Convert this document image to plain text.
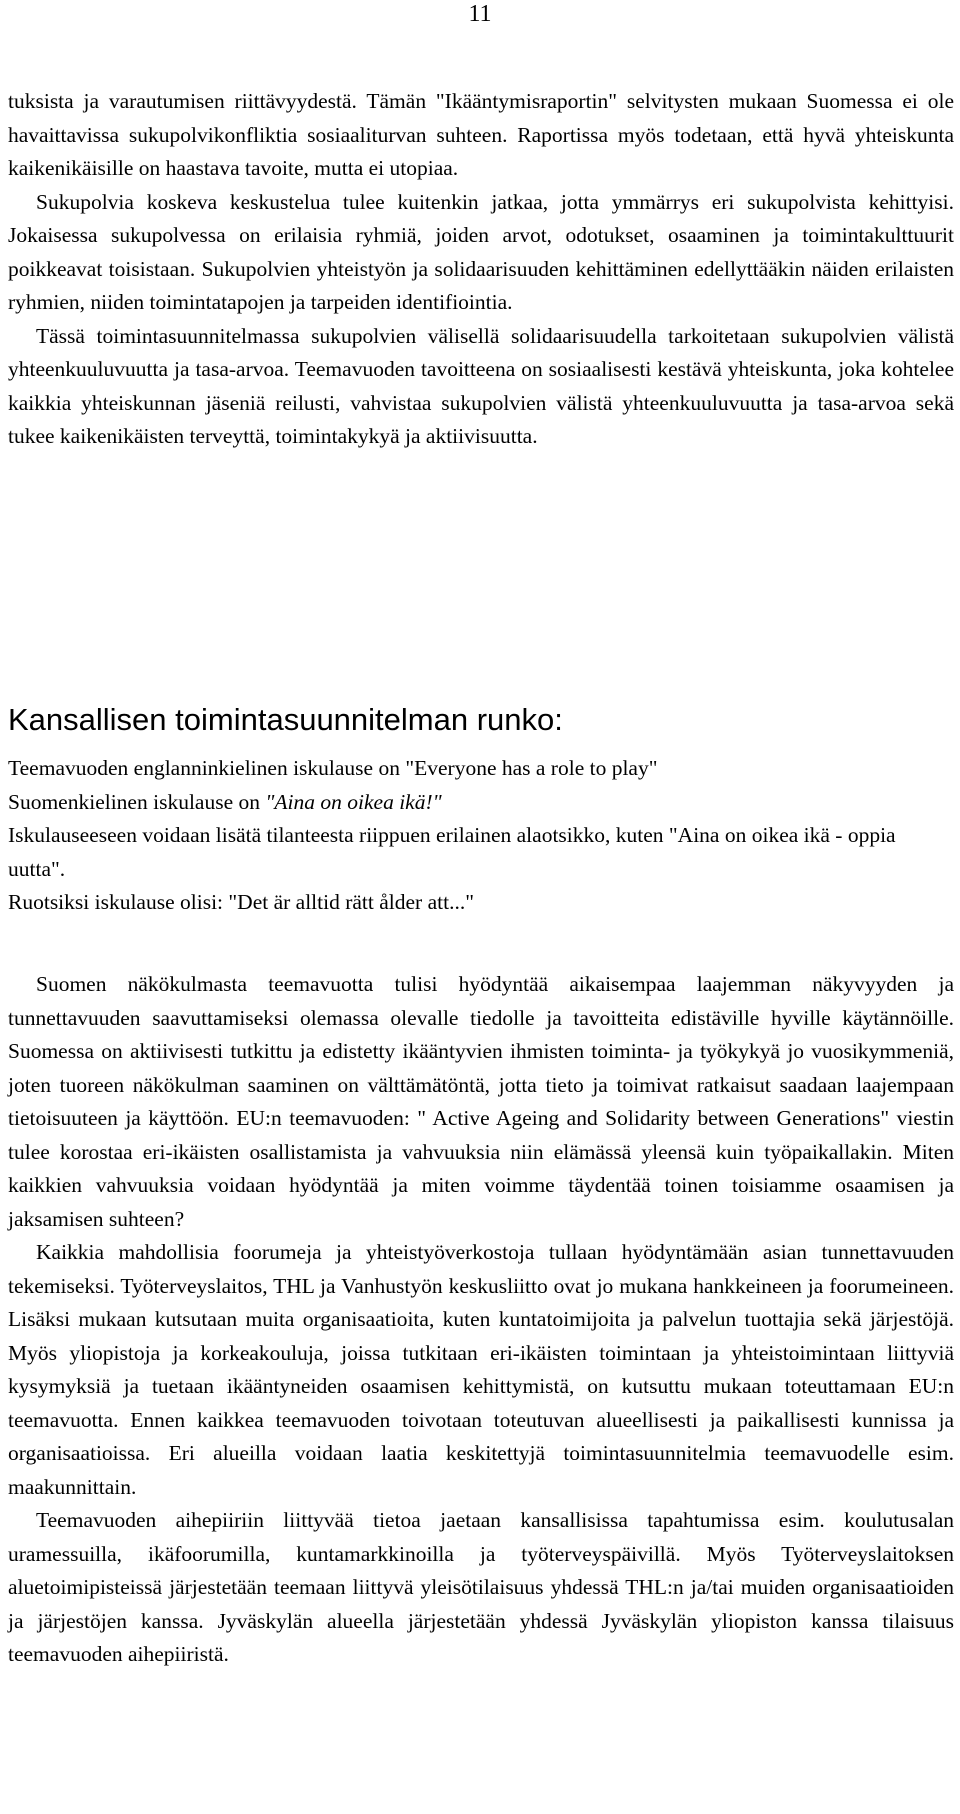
11

tuksista ja varautumisen riittävyydestä. Tämän "Ikääntymisraportin" selvitysten mukaan Suomessa ei ole havaittavissa sukupolvikonfliktia sosiaaliturvan suhteen. Raportissa myös todetaan, että hyvä yhteiskunta kaikenikäisille on haastava tavoite, mutta ei utopiaa.

Sukupolvia koskeva keskustelua tulee kuitenkin jatkaa, jotta ymmärrys eri sukupolvista kehittyisi. Jokaisessa sukupolvessa on erilaisia ryhmiä, joiden arvot, odotukset, osaaminen ja toimintakulttuurit poikkeavat toisistaan. Sukupolvien yhteistyön ja solidaarisuuden kehittäminen edellyttääkin näiden erilaisten ryhmien, niiden toimintatapojen ja tarpeiden identifiointia.

Tässä toimintasuunnitelmassa sukupolvien välisellä solidaarisuudella tarkoitetaan sukupolvien välistä yhteenkuuluvuutta ja tasa-arvoa. Teemavuoden tavoitteena on sosiaalisesti kestävä yhteiskunta, joka kohtelee kaikkia yhteiskunnan jäseniä reilusti, vahvistaa sukupolvien välistä yhteenkuuluvuutta ja tasa-arvoa sekä tukee kaikenikäisten terveyttä, toimintakykyä ja aktiivisuutta.

Kansallisen toimintasuunnitelman runko:

Teemavuoden englanninkielinen iskulause on "Everyone has a role to play"

Suomenkielinen iskulause on "Aina on oikea ikä!"

Iskulauseeseen voidaan lisätä tilanteesta riippuen erilainen alaotsikko, kuten "Aina on oikea ikä - oppia uutta".

Ruotsiksi iskulause olisi: "Det är alltid rätt ålder att..."

Suomen näkökulmasta teemavuotta tulisi hyödyntää aikaisempaa laajemman näkyvyyden ja tunnettavuuden saavuttamiseksi olemassa olevalle tiedolle ja tavoitteita edistäville hyville käytännöille. Suomessa on aktiivisesti tutkittu ja edistetty ikääntyvien ihmisten toiminta- ja työkykyä jo vuosikymmeniä, joten tuoreen näkökulman saaminen on välttämätöntä, jotta tieto ja toimivat ratkaisut saadaan laajempaan tietoisuuteen ja käyttöön. EU:n teemavuoden: " Active Ageing and Solidarity between Generations" viestin tulee korostaa eri-ikäisten osallistamista ja vahvuuksia niin elämässä yleensä kuin työpaikallakin. Miten kaikkien vahvuuksia voidaan hyödyntää ja miten voimme täydentää toinen toisiamme osaamisen ja jaksamisen suhteen?

Kaikkia mahdollisia foorumeja ja yhteistyöverkostoja tullaan hyödyntämään asian tunnettavuuden tekemiseksi. Työterveyslaitos, THL ja Vanhustyön keskusliitto ovat jo mukana hankkeineen ja foorumeineen. Lisäksi mukaan kutsutaan muita organisaatioita, kuten kuntatoimijoita ja palvelun tuottajia sekä järjestöjä. Myös yliopistoja ja korkeakouluja, joissa tutkitaan eri-ikäisten toimintaan ja yhteistoimintaan liittyviä kysymyksiä ja tuetaan ikääntyneiden osaamisen kehittymistä, on kutsuttu mukaan toteuttamaan EU:n teemavuotta. Ennen kaikkea teemavuoden toivotaan toteutuvan alueellisesti ja paikallisesti kunnissa ja organisaatioissa. Eri alueilla voidaan laatia keskitettyjä toimintasuunnitelmia teemavuodelle esim. maakunnittain.

Teemavuoden aihepiiriin liittyvää tietoa jaetaan kansallisissa tapahtumissa esim. koulutusalan uramessuilla, ikäfoorumilla, kuntamarkkinoilla ja työterveyspäivillä. Myös Työterveyslaitoksen aluetoimipisteissä järjestetään teemaan liittyvä yleisötilaisuus yhdessä THL:n ja/tai muiden organisaatioiden ja järjestöjen kanssa. Jyväskylän alueella järjestetään yhdessä Jyväskylän yliopiston kanssa tilaisuus teemavuoden aihepiiristä.
